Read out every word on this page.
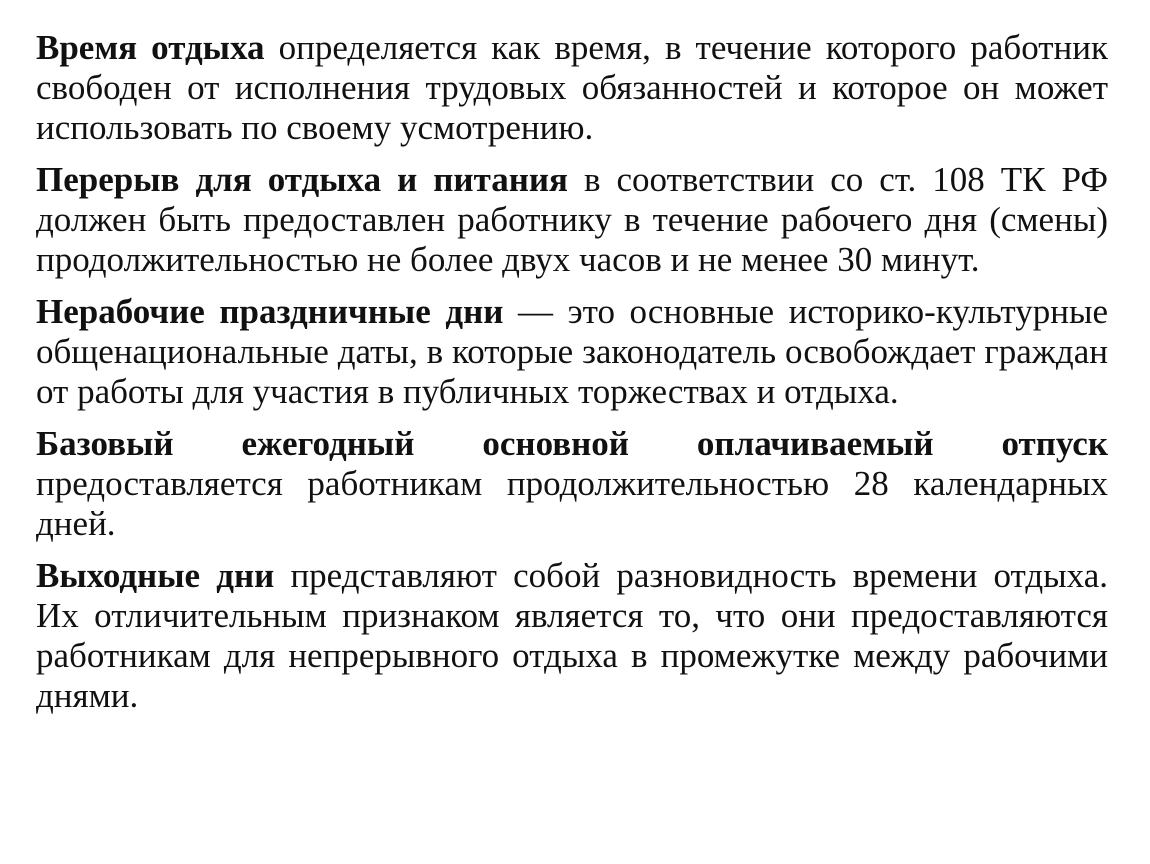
Время отдыха определяется как время, в течение которого работник свободен от исполнения трудовых обязанностей и которое он может использовать по своему усмотрению.

Перерыв для отдыха и питания в соответствии со ст. 108 ТК РФ должен быть предоставлен работнику в течение рабочего дня (смены) продолжительностью не более двух часов и не менее 30 минут.

Нерабочие праздничные дни — это основные историко-культурные общенациональные даты, в которые законодатель освобождает граждан от работы для участия в публичных торжествах и отдыха.

Базовый ежегодный основной оплачиваемый отпуск предоставляется работникам продолжительностью 28 календарных дней.

Выходные дни представляют собой разновидность времени отдыха. Их отличительным признаком является то, что они предоставляются работникам для непрерывного отдыха в промежутке между рабочими днями.
